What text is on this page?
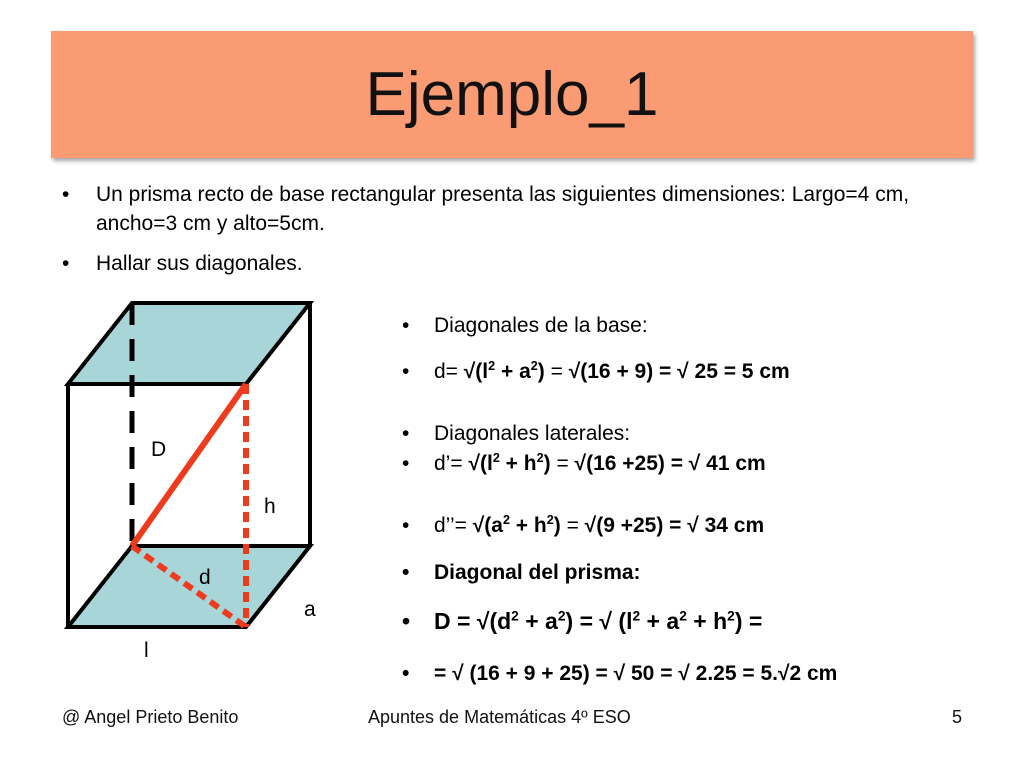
Ejemplo_1
• Un prisma recto de base rectangular presenta las siguientes dimensiones: Largo=4 cm, ancho=3 cm y alto=5cm.
• Hallar sus diagonales.
D
h
d
a
l
• Diagonales de la base:
• $d= √(l^2 + a^2) = √(16 + 9)$ = √ 25 = 5 cm
• Diagonales laterales:
• d’= $√(l^2 + h^2) = √(16 +25)$ = √ 41 cm
• d’’= $√(a^2 + h^2) = √(9 +25)$ = √ 34 cm
• Diagonal del prisma:
• $D = √(d^2 + a^2)$ = √ $(l^2 + a^2 + h^2)$ =
• = √ (16 + 9 + 25) = √ 50 = √ 2.25 = 5.√2 cm
@ Angel Prieto Benito	Apuntes de Matemáticas 4º ESO	5
